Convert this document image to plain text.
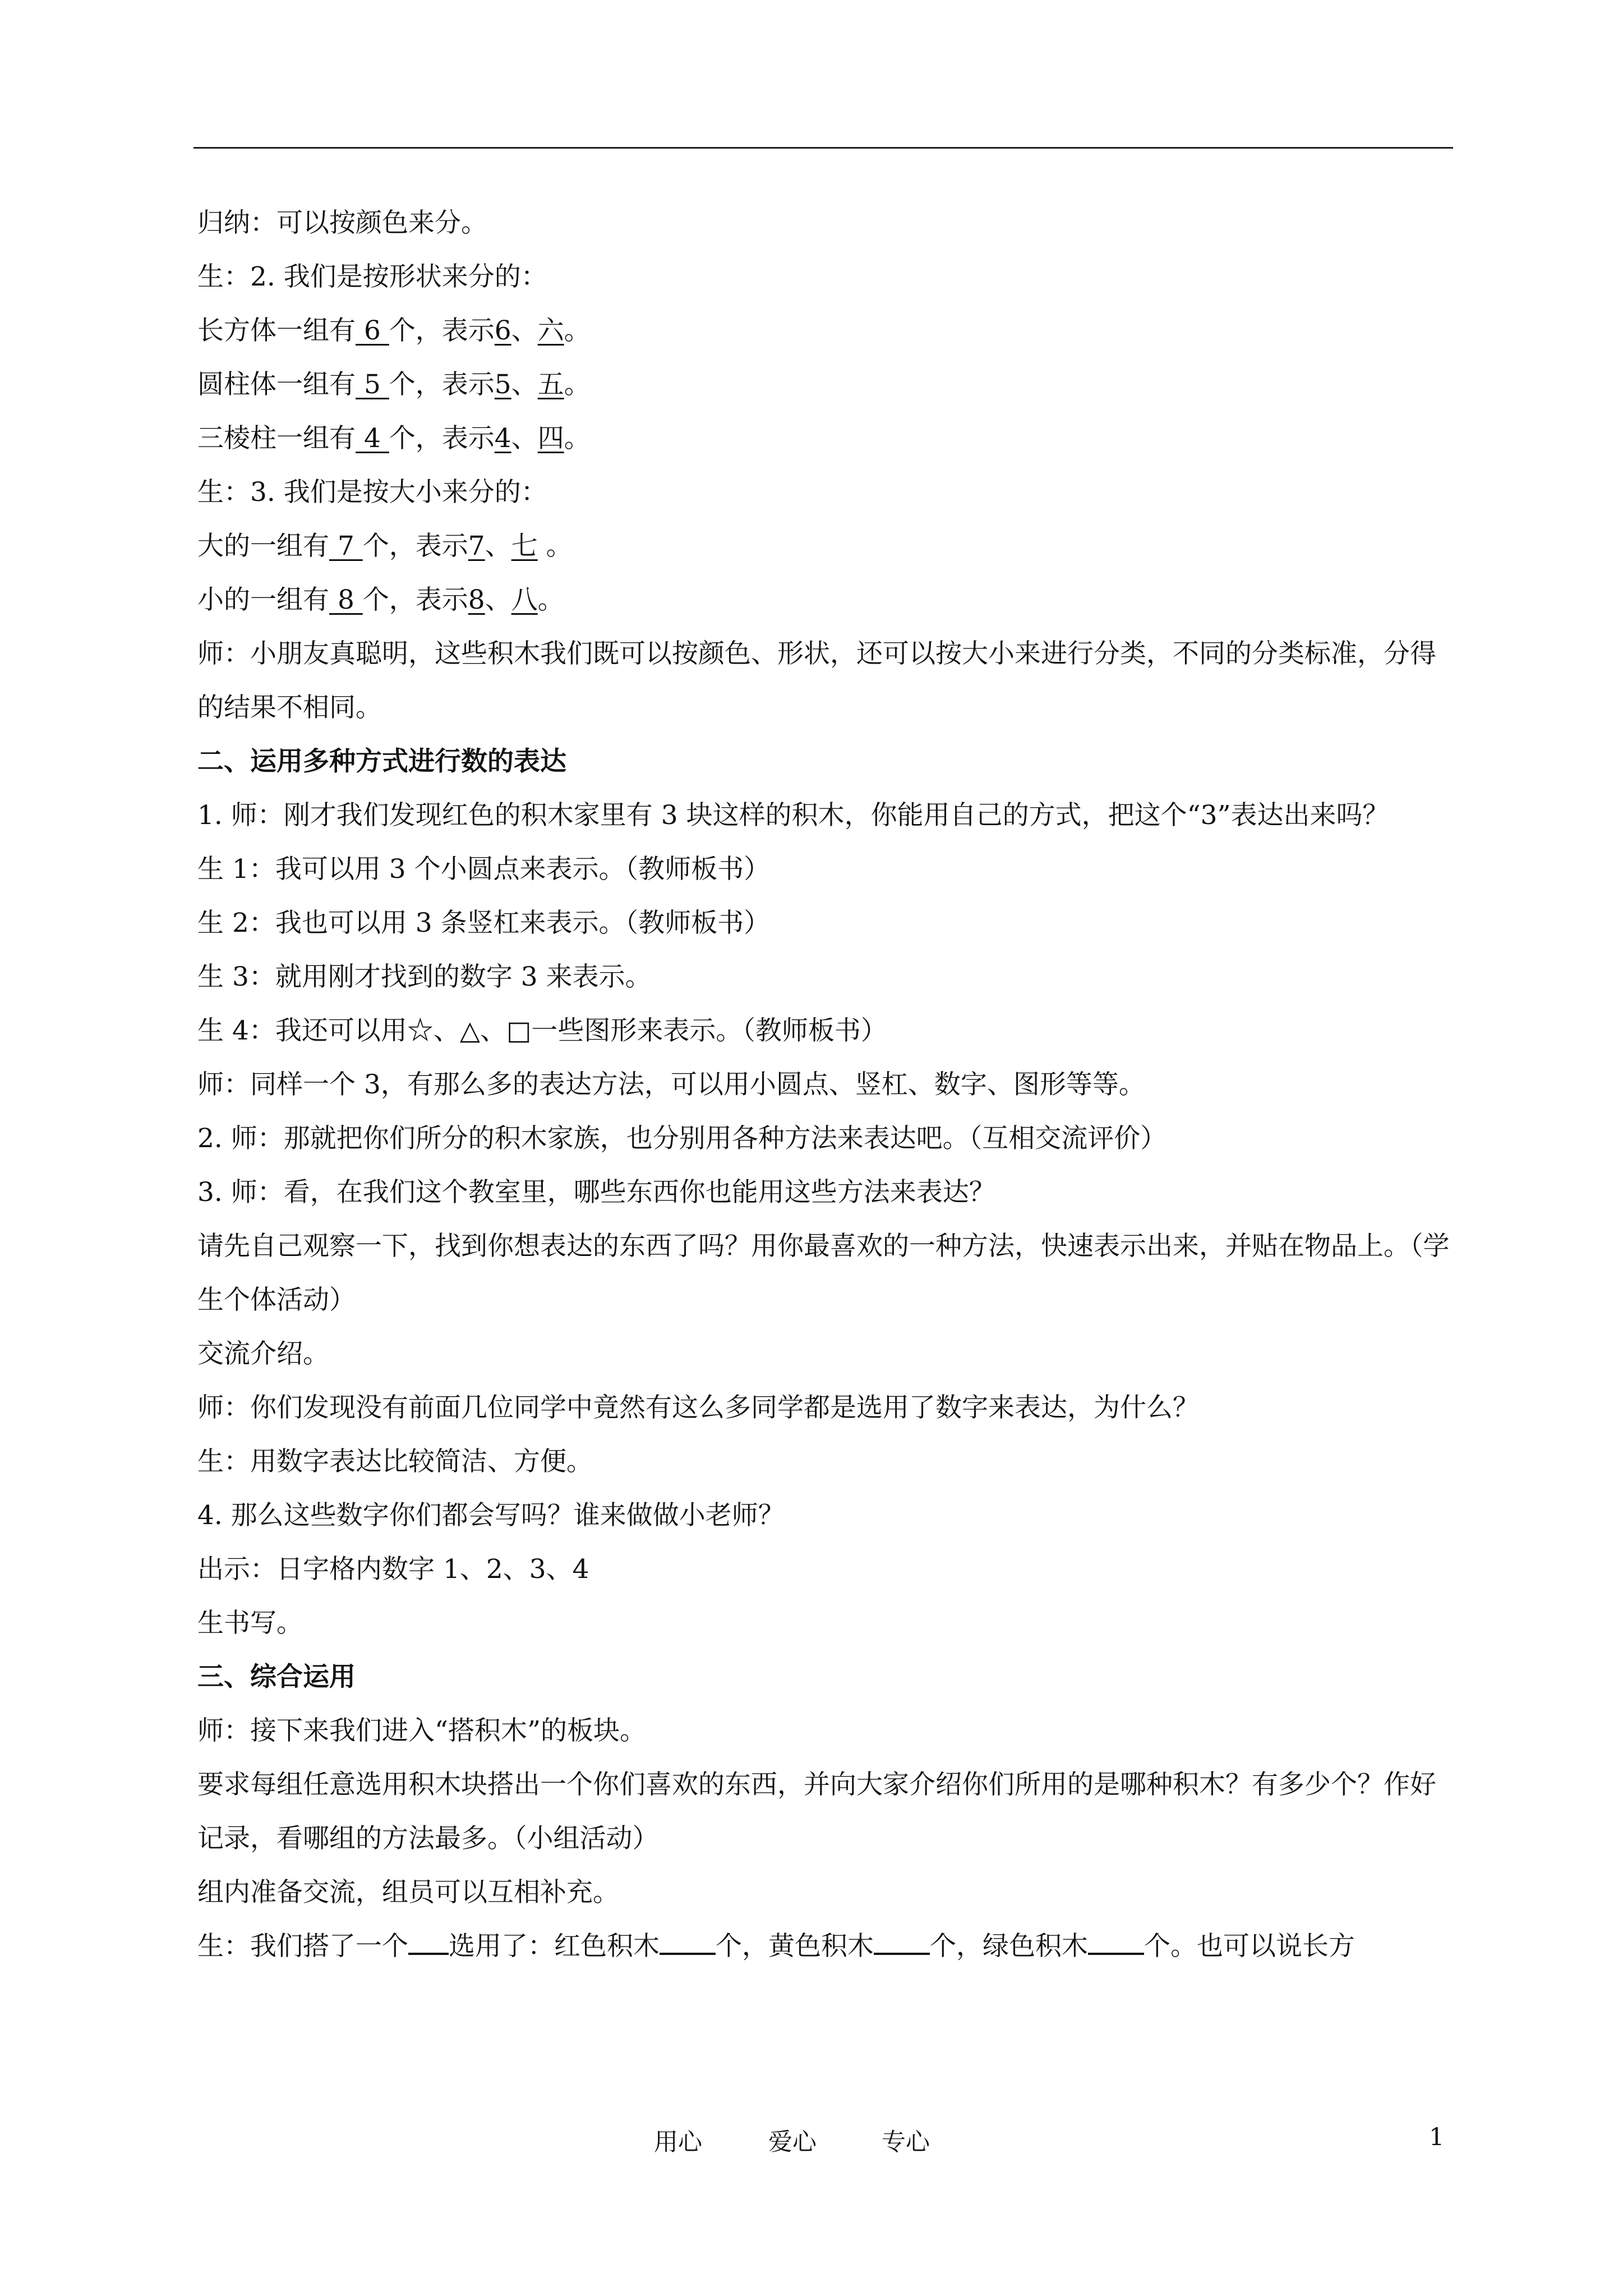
归纳：可以按颜色来分。
生：2. 我们是按形状来分的：
长方体一组有 6 个，表示6、六。
圆柱体一组有 5 个，表示5、五。
三棱柱一组有 4 个，表示4、四。
生：3. 我们是按大小来分的：
大的一组有 7 个，表示7、七 。
小的一组有 8 个，表示8、八。
师：小朋友真聪明，这些积木我们既可以按颜色、形状，还可以按大小来进行分类，不同的分类标准，分得的结果不相同。
二、运用多种方式进行数的表达
1. 师：刚才我们发现红色的积木家里有 3 块这样的积木，你能用自己的方式，把这个“3”表达出来吗？
生 1：我可以用 3 个小圆点来表示。（教师板书）
生 2：我也可以用 3 条竖杠来表示。（教师板书）
生 3：就用刚才找到的数字 3 来表示。
生 4：我还可以用☆、△、□一些图形来表示。（教师板书）
师：同样一个 3，有那么多的表达方法，可以用小圆点、竖杠、数字、图形等等。
2. 师：那就把你们所分的积木家族，也分别用各种方法来表达吧。（互相交流评价）
3. 师：看，在我们这个教室里，哪些东西你也能用这些方法来表达？
请先自己观察一下，找到你想表达的东西了吗？用你最喜欢的一种方法，快速表示出来，并贴在物品上。（学生个体活动）
交流介绍。
师：你们发现没有前面几位同学中竟然有这么多同学都是选用了数字来表达，为什么？
生：用数字表达比较简洁、方便。
4. 那么这些数字你们都会写吗？谁来做做小老师？
出示：日字格内数字 1、2、3、4
生书写。
三、综合运用
师：接下来我们进入“搭积木”的板块。
要求每组任意选用积木块搭出一个你们喜欢的东西，并向大家介绍你们所用的是哪种积木？有多少个？作好记录，看哪组的方法最多。（小组活动）
组内准备交流，组员可以互相补充。
生：我们搭了一个 选用了：红色积木 个，黄色积木 个，绿色积木 个。也可以说长方
用心	爱心	专心	1
